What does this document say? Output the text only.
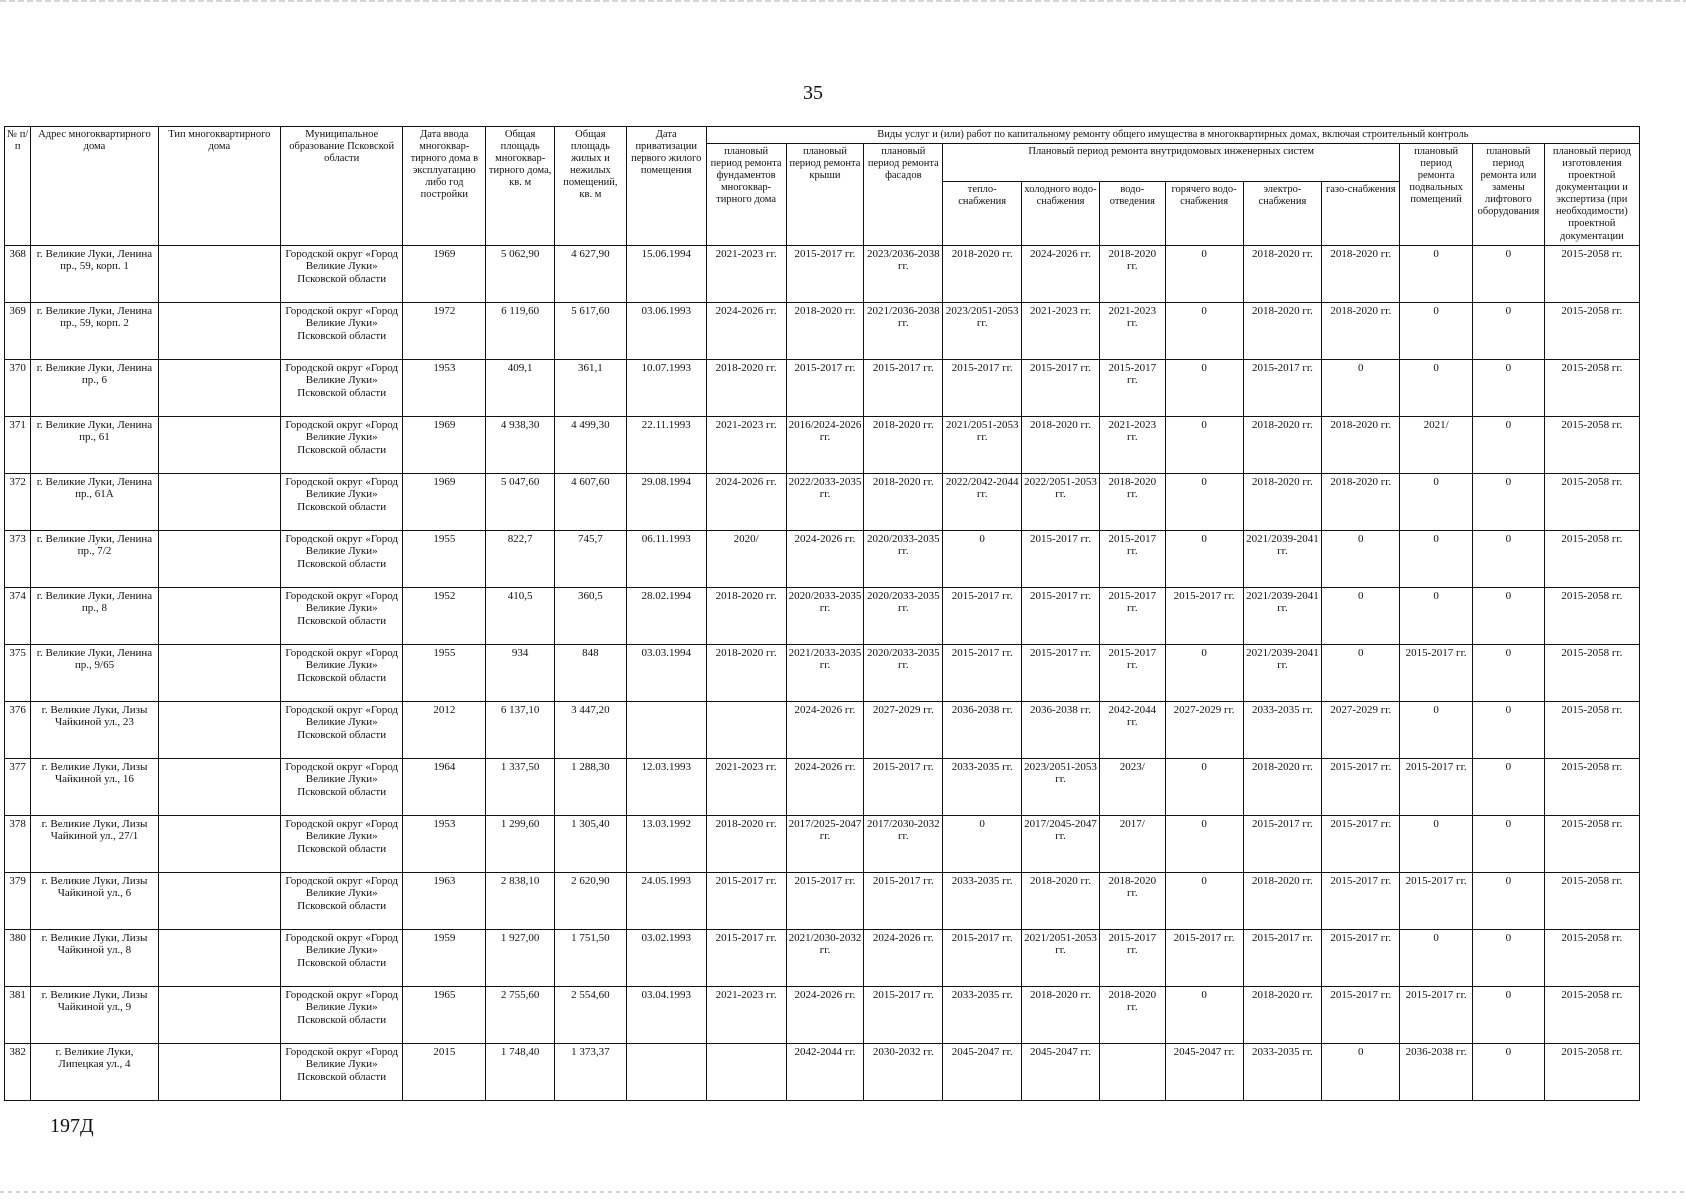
35
№ п/п	Адрес многоквартирного дома	Тип многоквартирного дома	Муниципальное образование Псковской области	Дата ввода многоквар-тирного дома в эксплуатацию либо год постройки	Общая площадь многоквар-тирного дома, кв. м	Общая площадь жилых и нежилых помещений, кв. м	Дата приватизации первого жилого помещения	Виды услуг и (или) работ по капитальному ремонту общего имущества в многоквартирных домах, включая строительный контроль											
								плановый период ремонта фундаментов многоквар-тирного дома	плановый период ремонта крыши	плановый период ремонта фасадов	Плановый период ремонта внутридомовых инженерных систем						плановый период ремонта подвальных помещений	плановый период ремонта или замены лифтового оборудования	плановый период изготовления проектной документации и экспертиза (при необходимости) проектной документации
											тепло-снабжения	холодного водо-снабжения	водо-отведения	горячего водо-снабжения	электро-снабжения	газо-снабжения			
368	г. Великие Луки, Ленина пр., 59, корп. 1		Городской округ «Город Великие Луки» Псковской области	1969	5 062,90	4 627,90	15.06.1994	2021-2023 гг.	2015-2017 гг.	2023/2036-2038 гг.	2018-2020 гг.	2024-2026 гг.	2018-2020 гг.	0	2018-2020 гг.	2018-2020 гг.	0	0	2015-2058 гг.
369	г. Великие Луки, Ленина пр., 59, корп. 2		Городской округ «Город Великие Луки» Псковской области	1972	6 119,60	5 617,60	03.06.1993	2024-2026 гг.	2018-2020 гг.	2021/2036-2038 гг.	2023/2051-2053 гг.	2021-2023 гг.	2021-2023 гг.	0	2018-2020 гг.	2018-2020 гг.	0	0	2015-2058 гг.
370	г. Великие Луки, Ленина пр., 6		Городской округ «Город Великие Луки» Псковской области	1953	409,1	361,1	10.07.1993	2018-2020 гг.	2015-2017 гг.	2015-2017 гг.	2015-2017 гг.	2015-2017 гг.	2015-2017 гг.	0	2015-2017 гг.	0	0	0	2015-2058 гг.
371	г. Великие Луки, Ленина пр., 61		Городской округ «Город Великие Луки» Псковской области	1969	4 938,30	4 499,30	22.11.1993	2021-2023 гг.	2016/2024-2026 гг.	2018-2020 гг.	2021/2051-2053 гг.	2018-2020 гг.	2021-2023 гг.	0	2018-2020 гг.	2018-2020 гг.	2021/	0	2015-2058 гг.
372	г. Великие Луки, Ленина пр., 61А		Городской округ «Город Великие Луки» Псковской области	1969	5 047,60	4 607,60	29.08.1994	2024-2026 гг.	2022/2033-2035 гг.	2018-2020 гг.	2022/2042-2044 гг.	2022/2051-2053 гг.	2018-2020 гг.	0	2018-2020 гг.	2018-2020 гг.	0	0	2015-2058 гг.
373	г. Великие Луки, Ленина пр., 7/2		Городской округ «Город Великие Луки» Псковской области	1955	822,7	745,7	06.11.1993	2020/	2024-2026 гг.	2020/2033-2035 гг.	0	2015-2017 гг.	2015-2017 гг.	0	2021/2039-2041 гг.	0	0	0	2015-2058 гг.
374	г. Великие Луки, Ленина пр., 8		Городской округ «Город Великие Луки» Псковской области	1952	410,5	360,5	28.02.1994	2018-2020 гг.	2020/2033-2035 гг.	2020/2033-2035 гг.	2015-2017 гг.	2015-2017 гг.	2015-2017 гг.	2015-2017 гг.	2021/2039-2041 гг.	0	0	0	2015-2058 гг.
375	г. Великие Луки, Ленина пр., 9/65		Городской округ «Город Великие Луки» Псковской области	1955	934	848	03.03.1994	2018-2020 гг.	2021/2033-2035 гг.	2020/2033-2035 гг.	2015-2017 гг.	2015-2017 гг.	2015-2017 гг.	0	2021/2039-2041 гг.	0	2015-2017 гг.	0	2015-2058 гг.
376	г. Великие Луки, Лизы Чайкиной ул., 23		Городской округ «Город Великие Луки» Псковской области	2012	6 137,10	3 447,20			2024-2026 гг.	2027-2029 гг.	2036-2038 гг.	2036-2038 гг.	2042-2044 гг.	2027-2029 гг.	2033-2035 гг.	2027-2029 гг.	0	0	2015-2058 гг.
377	г. Великие Луки, Лизы Чайкиной ул., 16		Городской округ «Город Великие Луки» Псковской области	1964	1 337,50	1 288,30	12.03.1993	2021-2023 гг.	2024-2026 гг.	2015-2017 гг.	2033-2035 гг.	2023/2051-2053 гг.	2023/	0	2018-2020 гг.	2015-2017 гг.	2015-2017 гг.	0	2015-2058 гг.
378	г. Великие Луки, Лизы Чайкиной ул., 27/1		Городской округ «Город Великие Луки» Псковской области	1953	1 299,60	1 305,40	13.03.1992	2018-2020 гг.	2017/2025-2047 гг.	2017/2030-2032 гг.	0	2017/2045-2047 гг.	2017/	0	2015-2017 гг.	2015-2017 гг.	0	0	2015-2058 гг.
379	г. Великие Луки, Лизы Чайкиной ул., 6		Городской округ «Город Великие Луки» Псковской области	1963	2 838,10	2 620,90	24.05.1993	2015-2017 гг.	2015-2017 гг.	2015-2017 гг.	2033-2035 гг.	2018-2020 гг.	2018-2020 гг.	0	2018-2020 гг.	2015-2017 гг.	2015-2017 гг.	0	2015-2058 гг.
380	г. Великие Луки, Лизы Чайкиной ул., 8		Городской округ «Город Великие Луки» Псковской области	1959	1 927,00	1 751,50	03.02.1993	2015-2017 гг.	2021/2030-2032 гг.	2024-2026 гг.	2015-2017 гг.	2021/2051-2053 гг.	2015-2017 гг.	2015-2017 гг.	2015-2017 гг.	2015-2017 гг.	0	0	2015-2058 гг.
381	г. Великие Луки, Лизы Чайкиной ул., 9		Городской округ «Город Великие Луки» Псковской области	1965	2 755,60	2 554,60	03.04.1993	2021-2023 гг.	2024-2026 гг.	2015-2017 гг.	2033-2035 гг.	2018-2020 гг.	2018-2020 гг.	0	2018-2020 гг.	2015-2017 гг.	2015-2017 гг.	0	2015-2058 гг.
382	г. Великие Луки, Липецкая ул., 4		Городской округ «Город Великие Луки» Псковской области	2015	1 748,40	1 373,37			2042-2044 гг.	2030-2032 гг.	2045-2047 гг.	2045-2047 гг.		2045-2047 гг.	2033-2035 гг.	0	2036-2038 гг.	0	2015-2058 гг.
197Д
